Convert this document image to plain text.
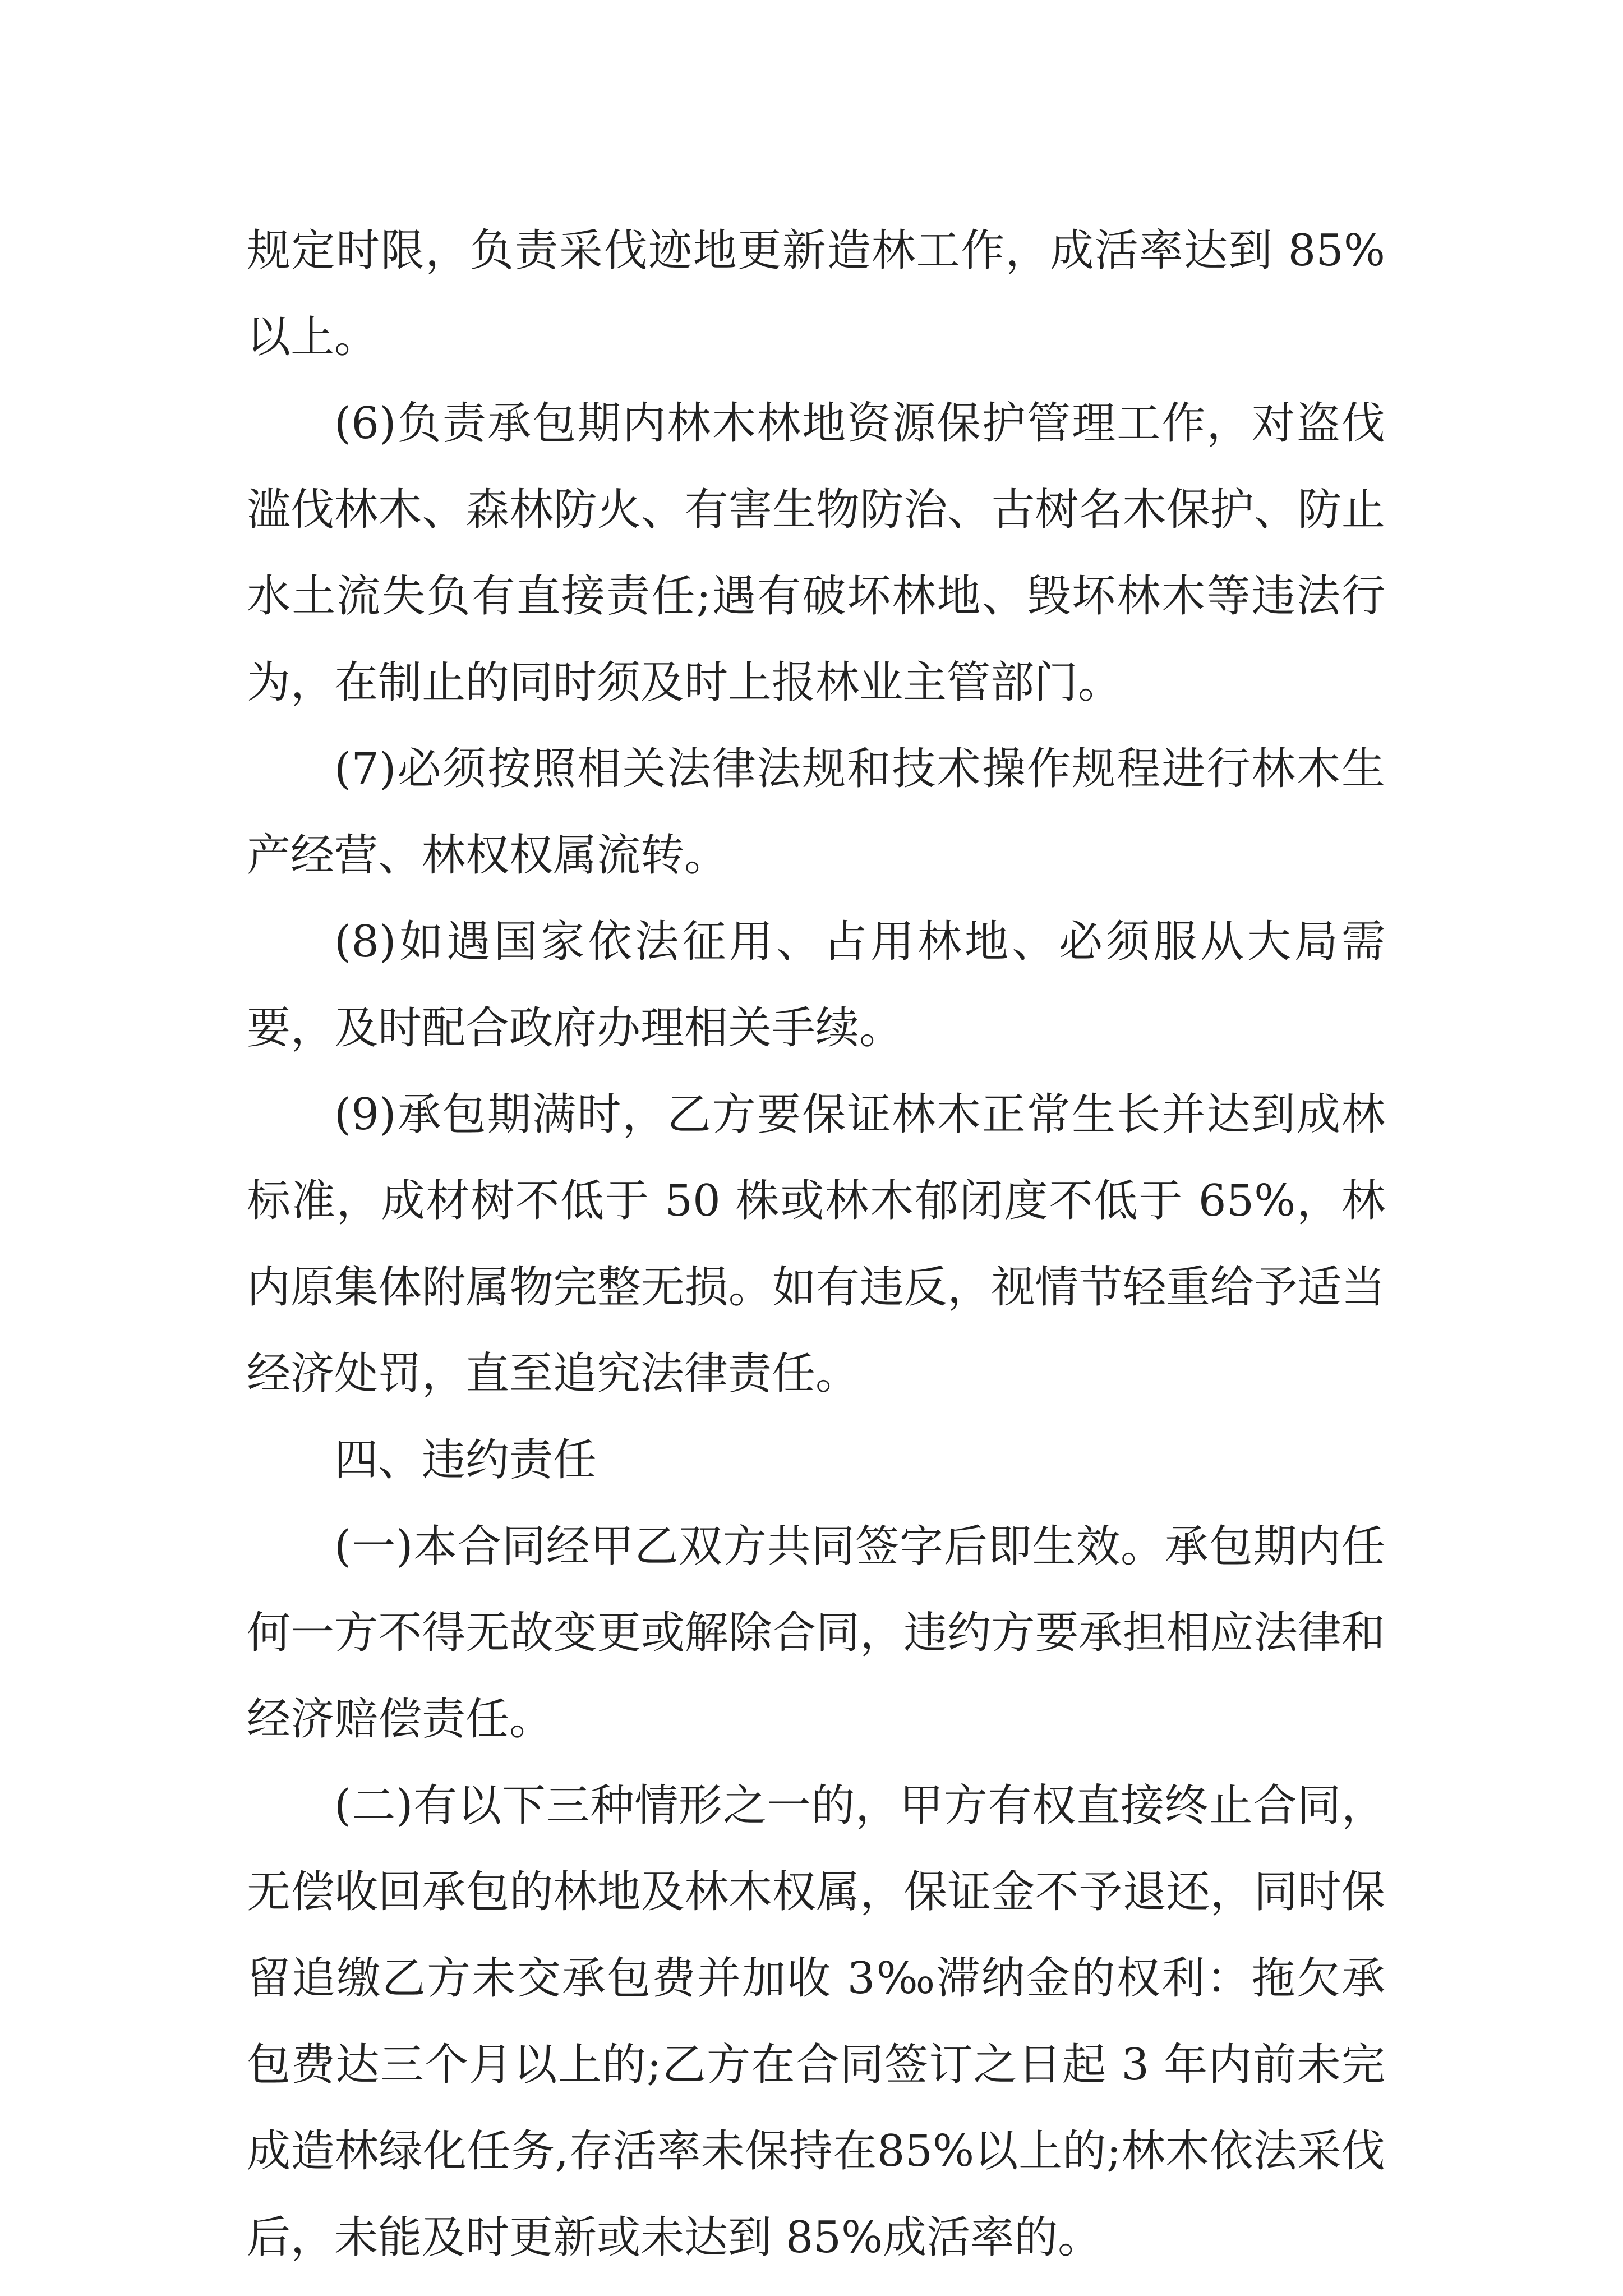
规定时限，负责采伐迹地更新造林工作，成活率达到 85%以上。

(6)负责承包期内林木林地资源保护管理工作，对盗伐滥伐林木、森林防火、有害生物防治、古树名木保护、防止水土流失负有直接责任;遇有破坏林地、毁坏林木等违法行为，在制止的同时须及时上报林业主管部门。

(7)必须按照相关法律法规和技术操作规程进行林木生产经营、林权权属流转。

(8)如遇国家依法征用、占用林地、必须服从大局需要，及时配合政府办理相关手续。

(9)承包期满时，乙方要保证林木正常生长并达到成林标准，成材树不低于 50 株或林木郁闭度不低于 65%，林内原集体附属物完整无损。如有违反，视情节轻重给予适当经济处罚，直至追究法律责任。

四、违约责任

(一)本合同经甲乙双方共同签字后即生效。承包期内任何一方不得无故变更或解除合同，违约方要承担相应法律和经济赔偿责任。

(二)有以下三种情形之一的，甲方有权直接终止合同，无偿收回承包的林地及林木权属，保证金不予退还，同时保留追缴乙方未交承包费并加收 3‰滞纳金的权利：拖欠承包费达三个月以上的;乙方在合同签订之日起 3 年内前未完成造林绿化任务,存活率未保持在85%以上的;林木依法采伐后，未能及时更新或未达到 85%成活率的。
